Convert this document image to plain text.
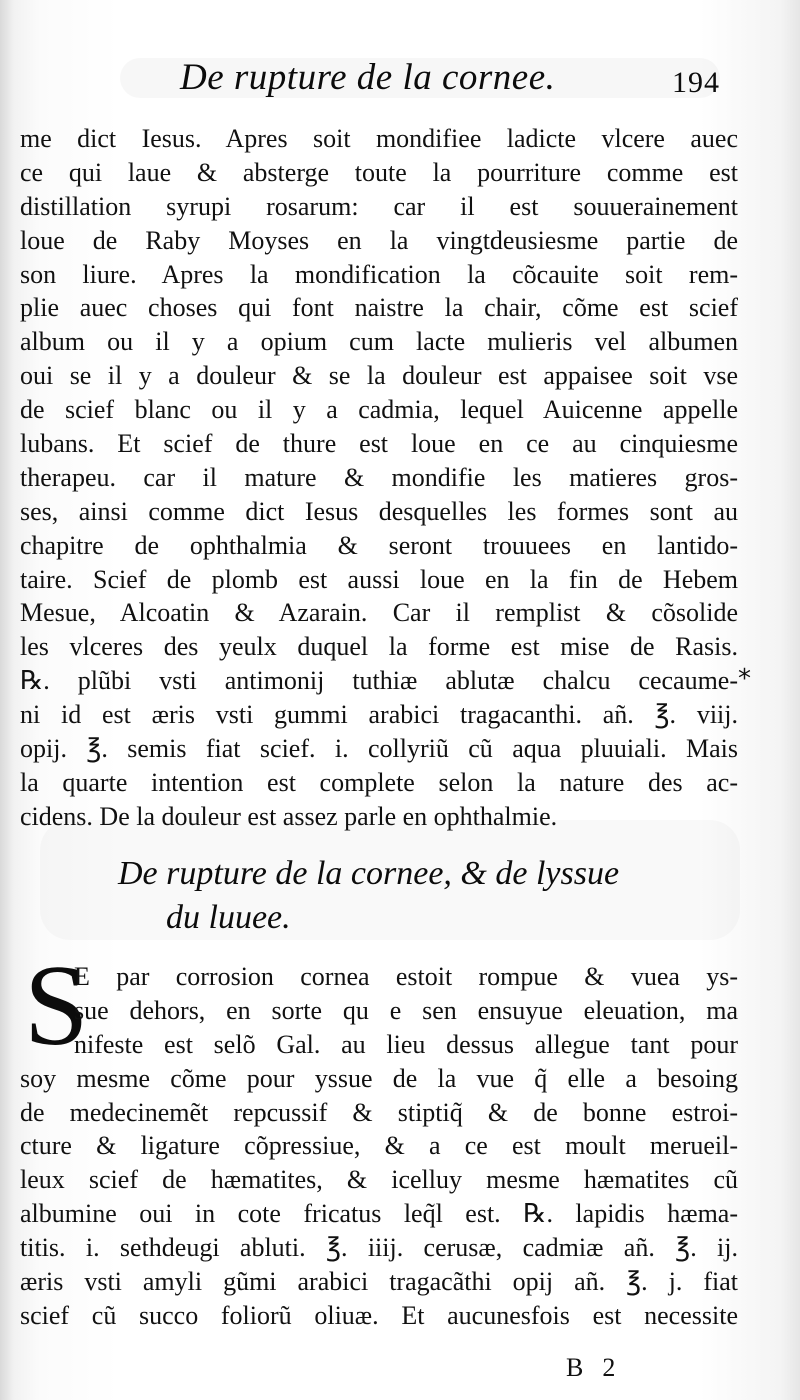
De rupture de la cornee.	194
me dict Iesus. Apres soit mondifiee ladicte vlcere auec
ce qui laue & absterge toute la pourriture comme est
distillation syrupi rosarum: car il est souuerainement
loue de Raby Moyses en la vingtdeusiesme partie de
son liure. Apres la mondification la cõcauite soit rem-
plie auec choses qui font naistre la chair, cõme est scief
album ou il y a opium cum lacte mulieris vel albumen
oui se il y a douleur & se la douleur est appaisee soit vse
de scief blanc ou il y a cadmia, lequel Auicenne appelle
lubans. Et scief de thure est loue en ce au cinquiesme
therapeu. car il mature & mondifie les matieres gros-
ses, ainsi comme dict Iesus desquelles les formes sont au
chapitre de ophthalmia & seront trouuees en lantido-
taire. Scief de plomb est aussi loue en la fin de Hebem
Mesue, Alcoatin & Azarain. Car il remplist & cõsolide
les vlceres des yeulx duquel la forme est mise de Rasis.
℞. plũbi vsti antimonij tuthiæ ablutæ chalcu cecaume-
ni id est æris vsti gummi arabici tragacanthi. añ. ℥. viij.
opij. ℥. semis fiat scief. i. collyriũ cũ aqua pluuiali. Mais
la quarte intention est complete selon la nature des ac-
cidens. De la douleur est assez parle en ophthalmie.
*
De rupture de la cornee, & de lyssue
du luuee.
S
E par corrosion cornea estoit rompue & vuea ys-
sue dehors, en sorte qu e sen ensuyue eleuation, ma
nifeste est selõ Gal. au lieu dessus allegue tant pour
soy mesme cõme pour yssue de la vue q̃ elle a besoing
de medecinemẽt repcussif & stiptiq̃ & de bonne estroi-
cture & ligature cõpressiue, & a ce est moult merueil-
leux scief de hæmatites, & icelluy mesme hæmatites cũ
albumine oui in cote fricatus leq̃l est. ℞. lapidis hæma-
titis. i. sethdeugi abluti. ℥. iiij. cerusæ, cadmiæ añ. ℥. ij.
æris vsti amyli gũmi arabici tragacãthi opij añ. ℥. j. fiat
scief cũ succo foliorũ oliuæ. Et aucunesfois est necessite
B  2
